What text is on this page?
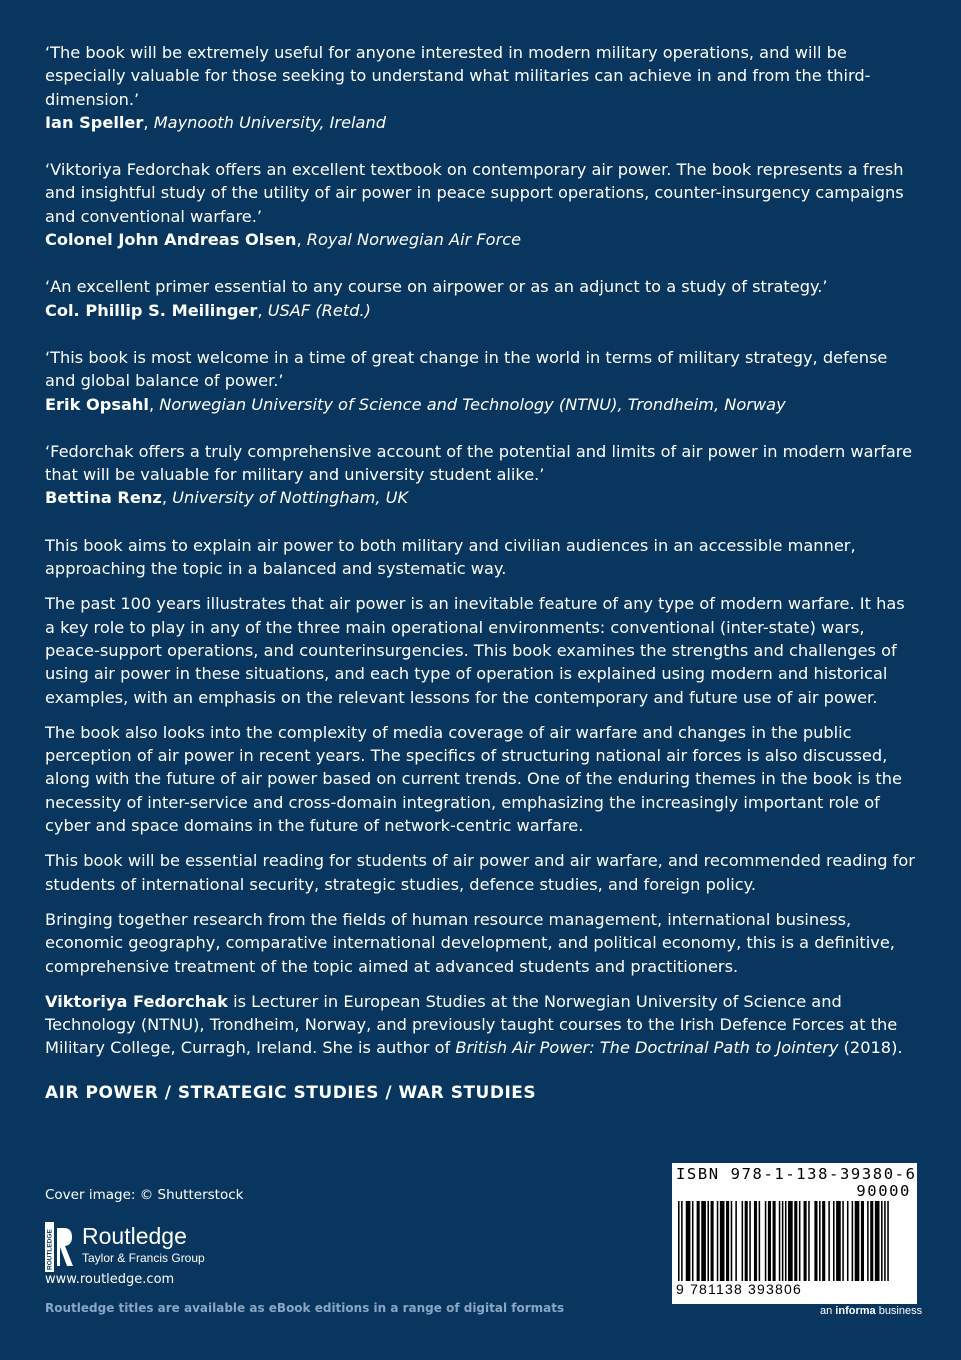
‘The book will be extremely useful for anyone interested in modern military operations, and will be especially valuable for those seeking to understand what militaries can achieve in and from the third-dimension.’

Ian Speller, Maynooth University, Ireland

‘Viktoriya Fedorchak offers an excellent textbook on contemporary air power. The book represents a fresh and insightful study of the utility of air power in peace support operations, counter-insurgency campaigns and conventional warfare.’

Colonel John Andreas Olsen, Royal Norwegian Air Force

‘An excellent primer essential to any course on airpower or as an adjunct to a study of strategy.’

Col. Phillip S. Meilinger, USAF (Retd.)

‘This book is most welcome in a time of great change in the world in terms of military strategy, defense and global balance of power.’

Erik Opsahl, Norwegian University of Science and Technology (NTNU), Trondheim, Norway

‘Fedorchak offers a truly comprehensive account of the potential and limits of air power in modern warfare that will be valuable for military and university student alike.’

Bettina Renz, University of Nottingham, UK

This book aims to explain air power to both military and civilian audiences in an accessible manner, approaching the topic in a balanced and systematic way.

The past 100 years illustrates that air power is an inevitable feature of any type of modern warfare. It has a key role to play in any of the three main operational environments: conventional (inter-state) wars, peace-support operations, and counterinsurgencies. This book examines the strengths and challenges of using air power in these situations, and each type of operation is explained using modern and historical examples, with an emphasis on the relevant lessons for the contemporary and future use of air power.

The book also looks into the complexity of media coverage of air warfare and changes in the public perception of air power in recent years. The specifics of structuring national air forces is also discussed, along with the future of air power based on current trends. One of the enduring themes in the book is the necessity of inter-service and cross-domain integration, emphasizing the increasingly important role of cyber and space domains in the future of network-centric warfare.

This book will be essential reading for students of air power and air warfare, and recommended reading for students of international security, strategic studies, defence studies, and foreign policy.

Bringing together research from the fields of human resource management, international business, economic geography, comparative international development, and political economy, this is a definitive, comprehensive treatment of the topic aimed at advanced students and practitioners.

Viktoriya Fedorchak is Lecturer in European Studies at the Norwegian University of Science and Technology (NTNU), Trondheim, Norway, and previously taught courses to the Irish Defence Forces at the Military College, Curragh, Ireland. She is author of British Air Power: The Doctrinal Path to Jointery (2018).

AIR POWER / STRATEGIC STUDIES / WAR STUDIES
Cover image: © Shutterstock
ROUTLEDGE Routledge
Taylor & Francis Group
www.routledge.com
Routledge titles are available as eBook editions in a range of digital formats
ISBN 978-1-138-39380-6
90000
9 781138 393806
an informa business
